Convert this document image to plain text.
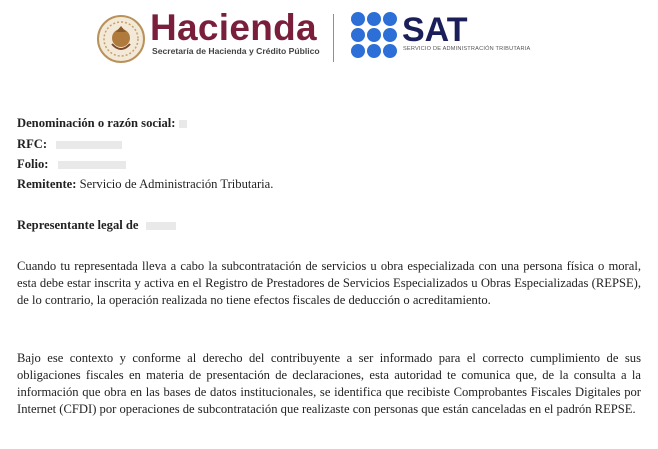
Hacienda
Secretaría de Hacienda y Crédito Público
SAT
SERVICIO DE ADMINISTRACIÓN TRIBUTARIA
Denominación o razón social:
RFC:
Folio:
Remitente: Servicio de Administración Tributaria.
Representante legal de

Cuando tu representada lleva a cabo la subcontratación de servicios u obra especializada con una persona física o moral, esta debe estar inscrita y activa en el Registro de Prestadores de Servicios Especializados u Obras Especializadas (REPSE), de lo contrario, la operación realizada no tiene efectos fiscales de deducción o acreditamiento.

Bajo ese contexto y conforme al derecho del contribuyente a ser informado para el correcto cumplimiento de sus obligaciones fiscales en materia de presentación de declaraciones, esta autoridad te comunica que, de la consulta a la información que obra en las bases de datos institucionales, se identifica que recibiste Comprobantes Fiscales Digitales por Internet (CFDI) por operaciones de subcontratación que realizaste con personas que están canceladas en el padrón REPSE.
